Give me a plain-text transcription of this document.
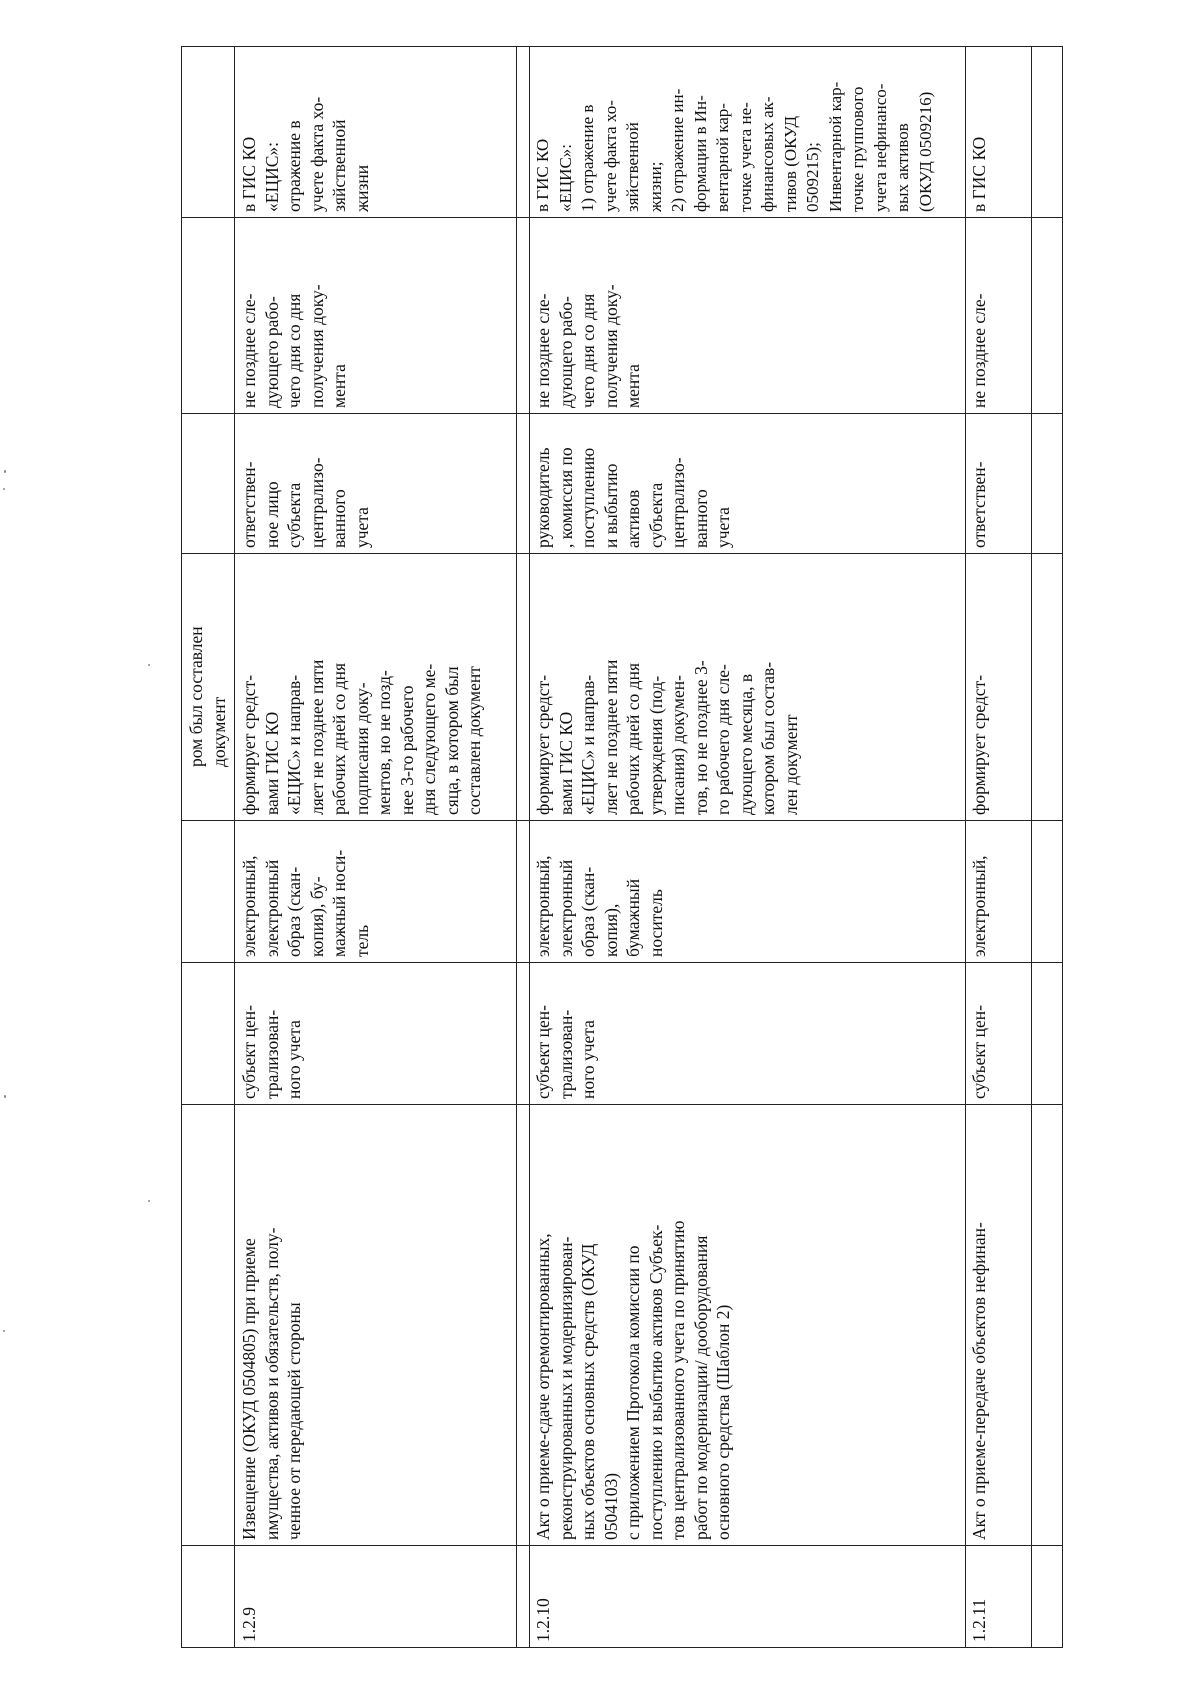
ром был составлен
документ
1.2.9
Извещение (ОКУД 0504805) при приеме
имущества, активов и обязательств, полу-
ченное от передающей стороны
субъект цен-
трализован-
ного учета
электронный,
электронный
образ (скан-
копия), бу-
мажный носи-
тель
формирует средст-
вами ГИС КО
«ЕЦИС» и направ-
ляет не позднее пяти
рабочих дней со дня
подписания доку-
ментов, но не позд-
нее 3-го рабочего
дня следующего ме-
сяца, в котором был
составлен документ
ответствен-
ное лицо
субъекта
централизо-
ванного
учета
не позднее сле-
дующего рабо-
чего дня со дня
получения доку-
мента
в ГИС КО
«ЕЦИС»:
отражение в
учете факта хо-
зяйственной
жизни
1.2.10
Акт о приеме-сдаче отремонтированных,
реконструированных и модернизирован-
ных объектов основных средств (ОКУД
0504103)
с приложением Протокола комиссии по
поступлению и выбытию активов Субъек-
тов централизованного учета по принятию
работ по модернизации/ дооборудования
основного средства (Шаблон 2)
субъект цен-
трализован-
ного учета
электронный,
электронный
образ (скан-
копия),
бумажный
носитель
формирует средст-
вами ГИС КО
«ЕЦИС» и направ-
ляет не позднее пяти
рабочих дней со дня
утверждения (под-
писания) докумен-
тов, но не позднее 3-
го рабочего дня сле-
дующего месяца, в
котором был состав-
лен документ
руководитель
, комиссия по
поступлению
и выбытию
активов
субъекта
централизо-
ванного
учета
не позднее сле-
дующего рабо-
чего дня со дня
получения доку-
мента
в ГИС КО
«ЕЦИС»:
1) отражение в
учете факта хо-
зяйственной
жизни;
2) отражение ин-
формации в Ин-
вентарной кар-
точке учета не-
финансовых ак-
тивов (ОКУД
0509215);
Инвентарной кар-
точке группового
учета нефинансо-
вых активов
(ОКУД 0509216)
1.2.11
Акт о приеме-передаче объектов нефинан-
субъект цен-
электронный,
формирует средст-
ответствен-
не позднее сле-
в ГИС КО
